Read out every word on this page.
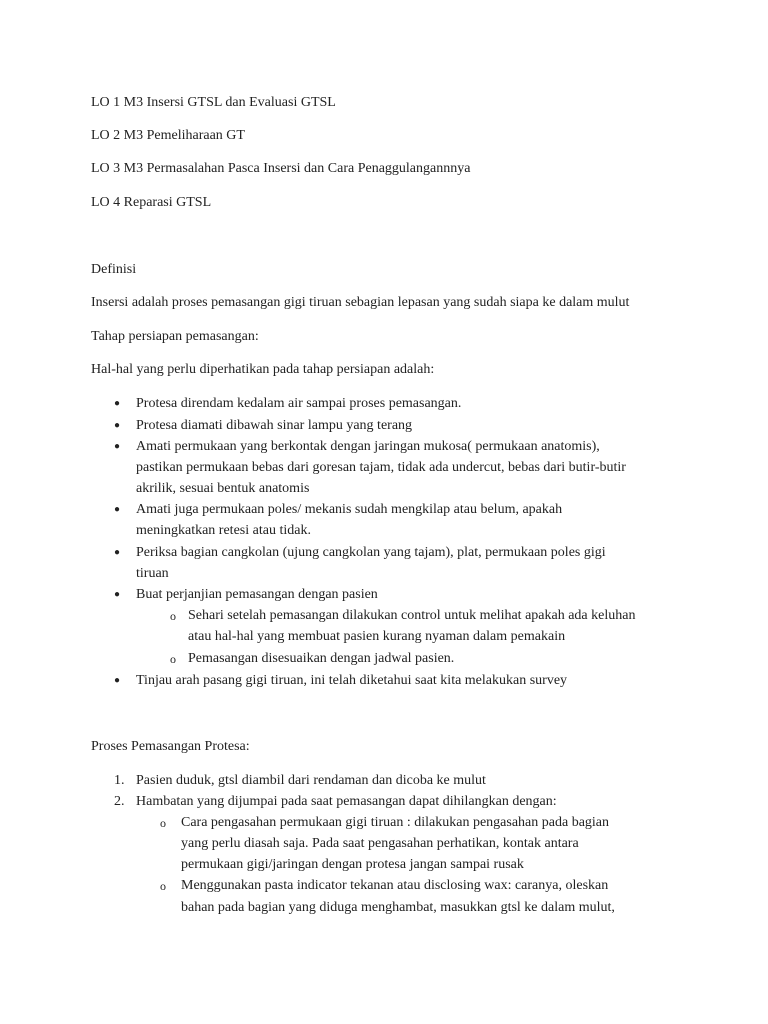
LO 1 M3 Insersi GTSL dan Evaluasi GTSL
LO 2 M3 Pemeliharaan GT
LO 3 M3 Permasalahan Pasca Insersi dan Cara Penaggulangannnya
LO 4 Reparasi GTSL
Definisi
Insersi adalah proses pemasangan gigi tiruan sebagian lepasan yang sudah siapa ke dalam mulut
Tahap persiapan pemasangan:
Hal-hal yang perlu diperhatikan pada tahap persiapan adalah:
● Protesa direndam kedalam air sampai proses pemasangan.
● Protesa diamati dibawah sinar lampu yang terang
● Amati permukaan yang berkontak dengan jaringan mukosa( permukaan anatomis),
pastikan permukaan bebas dari goresan tajam, tidak ada undercut, bebas dari butir-butir
akrilik, sesuai bentuk anatomis
● Amati juga permukaan poles/ mekanis sudah mengkilap atau belum, apakah
meningkatkan retesi atau tidak.
● Periksa bagian cangkolan (ujung cangkolan yang tajam), plat, permukaan poles gigi
tiruan
● Buat perjanjian pemasangan dengan pasien
o Sehari setelah pemasangan dilakukan control untuk melihat apakah ada keluhan
atau hal-hal yang membuat pasien kurang nyaman dalam pemakain
o Pemasangan disesuaikan dengan jadwal pasien.
● Tinjau arah pasang gigi tiruan, ini telah diketahui saat kita melakukan survey
Proses Pemasangan Protesa:
1. Pasien duduk, gtsl diambil dari rendaman dan dicoba ke mulut
2. Hambatan yang dijumpai pada saat pemasangan dapat dihilangkan dengan:
o Cara pengasahan permukaan gigi tiruan : dilakukan pengasahan pada bagian
yang perlu diasah saja. Pada saat pengasahan perhatikan, kontak antara
permukaan gigi/jaringan dengan protesa jangan sampai rusak
o Menggunakan pasta indicator tekanan atau disclosing wax: caranya, oleskan
bahan pada bagian yang diduga menghambat, masukkan gtsl ke dalam mulut,
